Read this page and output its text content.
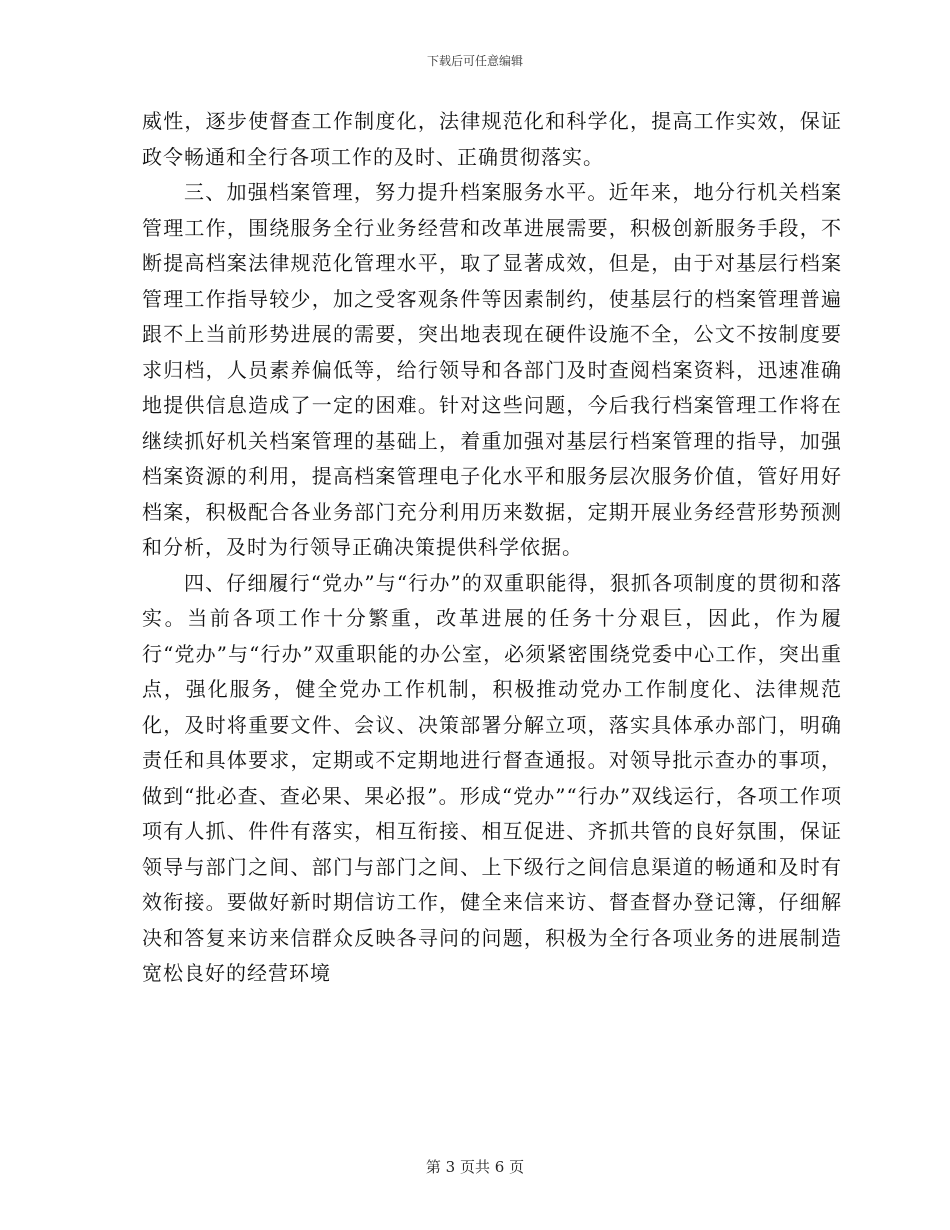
下载后可任意编辑

威性，逐步使督查工作制度化，法律规范化和科学化，提高工作实效，保证政令畅通和全行各项工作的及时、正确贯彻落实。

三、加强档案管理，努力提升档案服务水平。近年来，地分行机关档案管理工作，围绕服务全行业务经营和改革进展需要，积极创新服务手段，不断提高档案法律规范化管理水平，取了显著成效，但是，由于对基层行档案管理工作指导较少，加之受客观条件等因素制约，使基层行的档案管理普遍跟不上当前形势进展的需要，突出地表现在硬件设施不全，公文不按制度要求归档，人员素养偏低等，给行领导和各部门及时查阅档案资料，迅速准确地提供信息造成了一定的困难。针对这些问题，今后我行档案管理工作将在继续抓好机关档案管理的基础上，着重加强对基层行档案管理的指导，加强档案资源的利用，提高档案管理电子化水平和服务层次服务价值，管好用好档案，积极配合各业务部门充分利用历来数据，定期开展业务经营形势预测和分析，及时为行领导正确决策提供科学依据。

四、仔细履行“党办”与“行办”的双重职能得，狠抓各项制度的贯彻和落实。当前各项工作十分繁重，改革进展的任务十分艰巨，因此，作为履行“党办”与“行办”双重职能的办公室，必须紧密围绕党委中心工作，突出重点，强化服务，健全党办工作机制，积极推动党办工作制度化、法律规范化，及时将重要文件、会议、决策部署分解立项，落实具体承办部门，明确责任和具体要求，定期或不定期地进行督查通报。对领导批示查办的事项，做到“批必查、查必果、果必报”。形成“党办”“行办”双线运行，各项工作项项有人抓、件件有落实，相互衔接、相互促进、齐抓共管的良好氛围，保证领导与部门之间、部门与部门之间、上下级行之间信息渠道的畅通和及时有效衔接。要做好新时期信访工作，健全来信来访、督查督办登记簿，仔细解决和答复来访来信群众反映各寻问的问题，积极为全行各项业务的进展制造宽松良好的经营环境

第 3 页共 6 页
